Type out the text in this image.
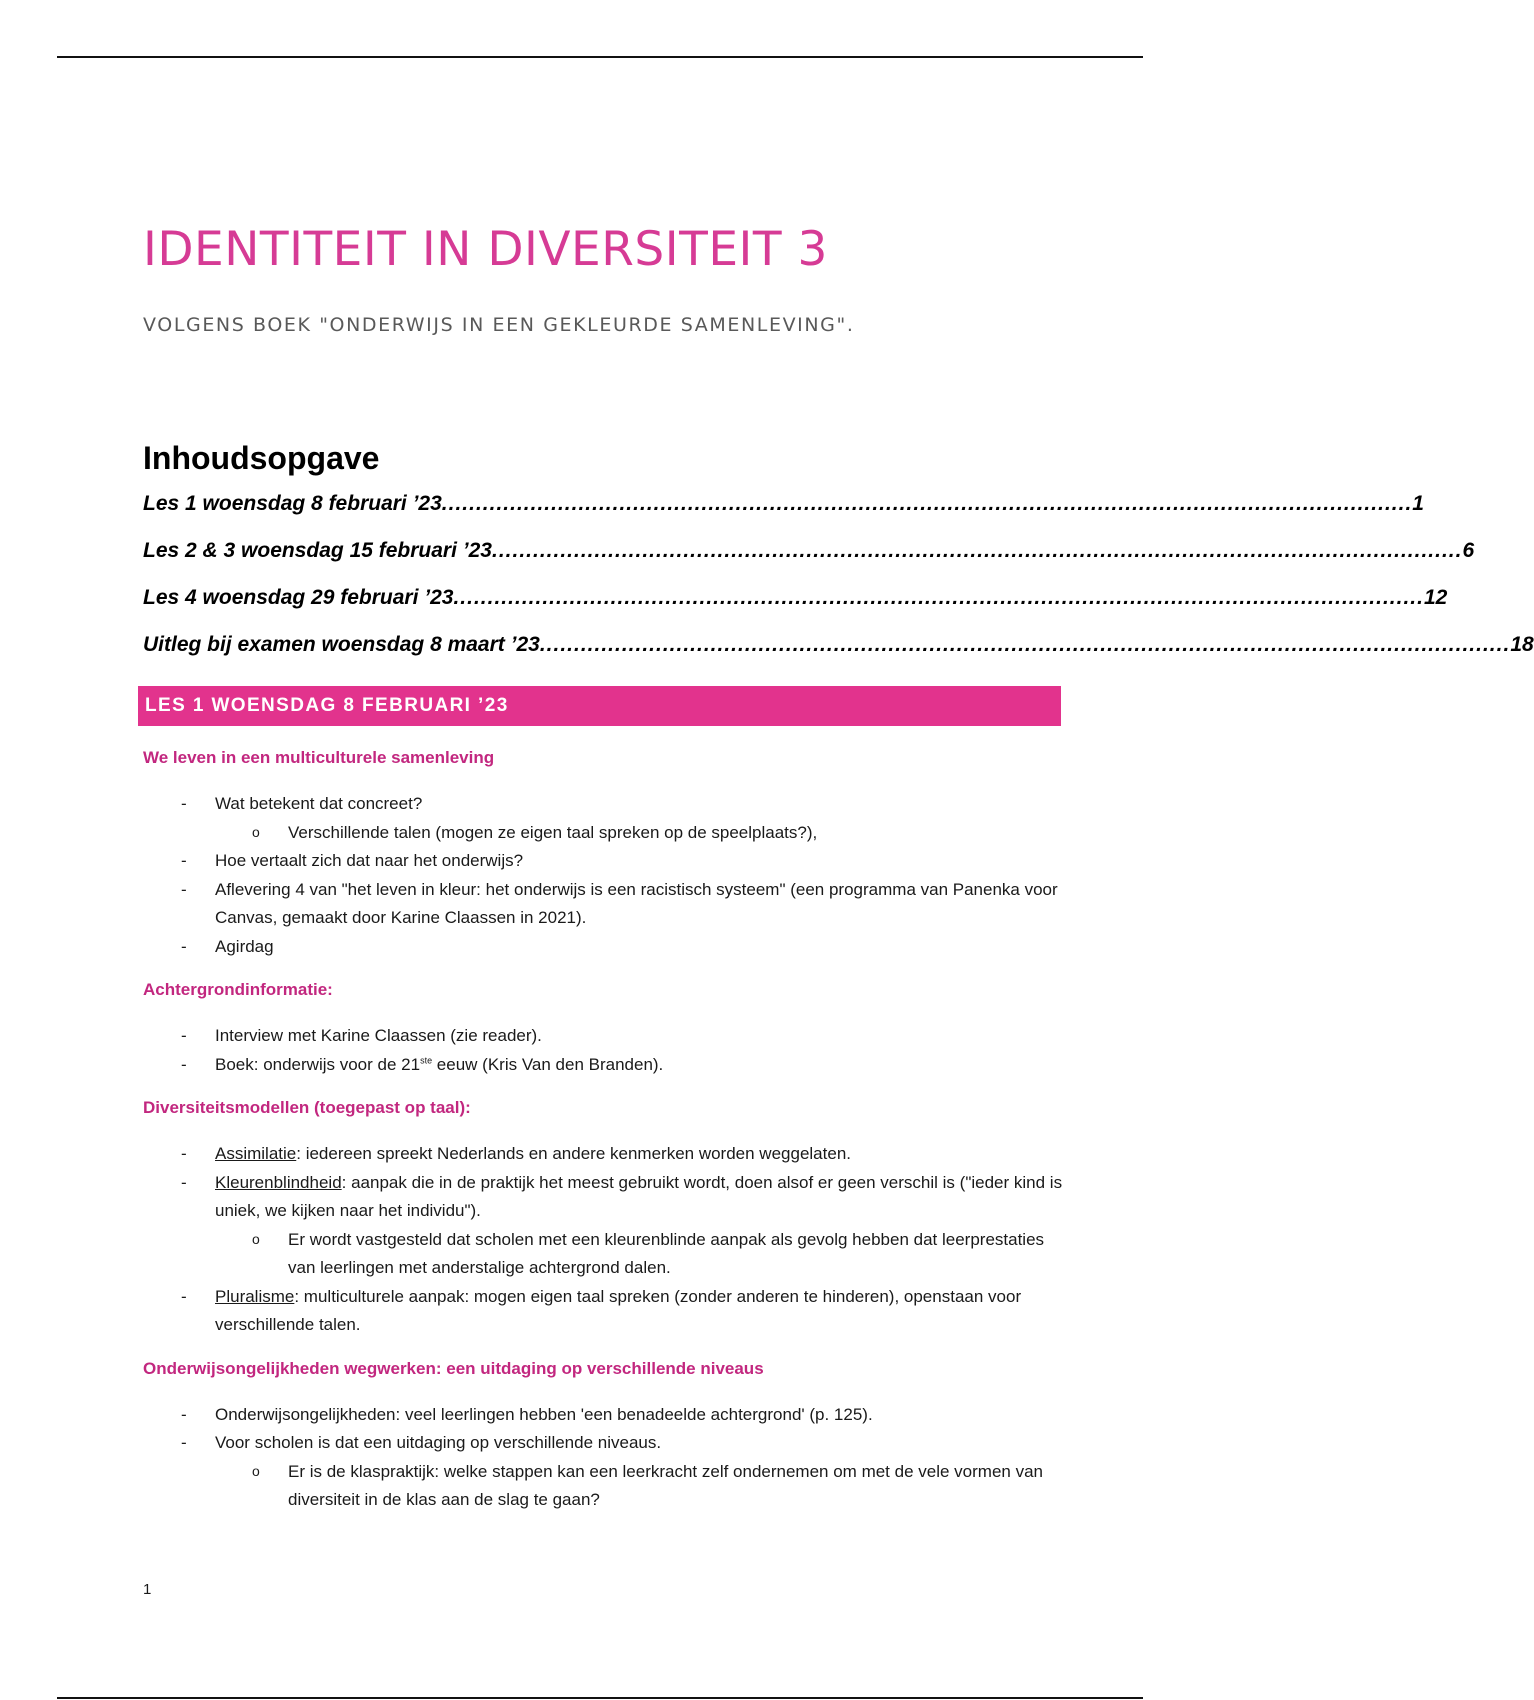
IDENTITEIT IN DIVERSITEIT 3
VOLGENS BOEK "ONDERWIJS IN EEN GEKLEURDE SAMENLEVING".
Inhoudsopgave
Les 1 woensdag 8 februari ’23 .............................................................................................................................................. 1
Les 2 & 3 woensdag 15 februari ’23 .............................................................................................................................................. 6
Les 4 woensdag 29 februari ’23 .............................................................................................................................................. 12
Uitleg bij examen woensdag 8 maart ’23 .............................................................................................................................................. 18
LES 1 WOENSDAG 8 FEBRUARI ’23
We leven in een multiculturele samenleving
- Wat betekent dat concreet?
o Verschillende talen (mogen ze eigen taal spreken op de speelplaats?),
- Hoe vertaalt zich dat naar het onderwijs?
- Aflevering 4 van "het leven in kleur: het onderwijs is een racistisch systeem" (een programma van Panenka voor Canvas, gemaakt door Karine Claassen in 2021).
- Agirdag
Achtergrondinformatie:
- Interview met Karine Claassen (zie reader).
- Boek: onderwijs voor de 21ste eeuw (Kris Van den Branden).
Diversiteitsmodellen (toegepast op taal):
- Assimilatie: iedereen spreekt Nederlands en andere kenmerken worden weggelaten.
- Kleurenblindheid: aanpak die in de praktijk het meest gebruikt wordt, doen alsof er geen verschil is ("ieder kind is uniek, we kijken naar het individu").
o Er wordt vastgesteld dat scholen met een kleurenblinde aanpak als gevolg hebben dat leerprestaties van leerlingen met anderstalige achtergrond dalen.
- Pluralisme: multiculturele aanpak: mogen eigen taal spreken (zonder anderen te hinderen), openstaan voor verschillende talen.
Onderwijsongelijkheden wegwerken: een uitdaging op verschillende niveaus
- Onderwijsongelijkheden: veel leerlingen hebben 'een benadeelde achtergrond' (p. 125).
- Voor scholen is dat een uitdaging op verschillende niveaus.
o Er is de klaspraktijk: welke stappen kan een leerkracht zelf ondernemen om met de vele vormen van diversiteit in de klas aan de slag te gaan?
1
